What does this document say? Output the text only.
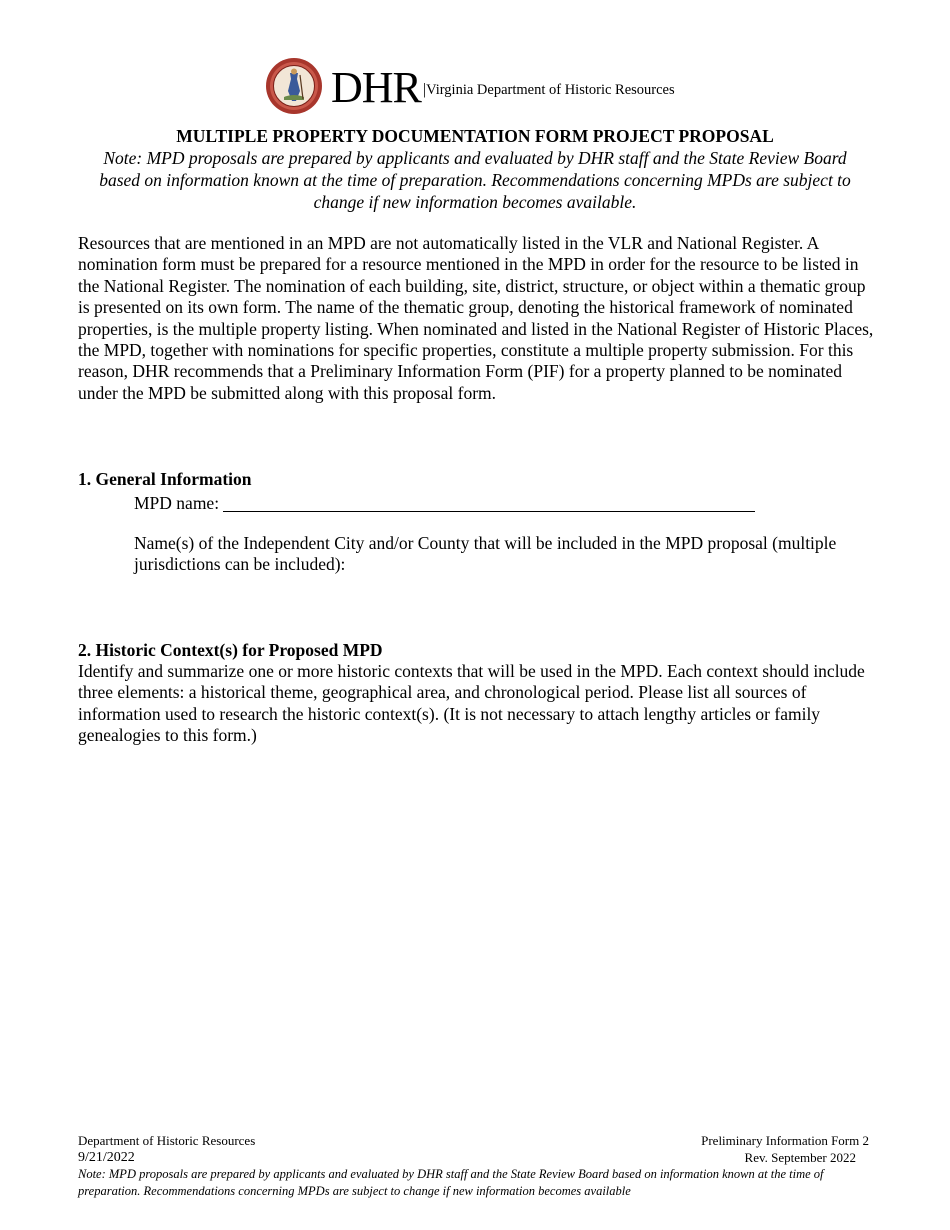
DHR | Virginia Department of Historic Resources
MULTIPLE PROPERTY DOCUMENTATION FORM PROJECT PROPOSAL
Note: MPD proposals are prepared by applicants and evaluated by DHR staff and the State Review Board based on information known at the time of preparation. Recommendations concerning MPDs are subject to change if new information becomes available.
Resources that are mentioned in an MPD are not automatically listed in the VLR and National Register. A nomination form must be prepared for a resource mentioned in the MPD in order for the resource to be listed in the National Register. The nomination of each building, site, district, structure, or object within a thematic group is presented on its own form. The name of the thematic group, denoting the historical framework of nominated properties, is the multiple property listing. When nominated and listed in the National Register of Historic Places, the MPD, together with nominations for specific properties, constitute a multiple property submission. For this reason, DHR recommends that a Preliminary Information Form (PIF) for a property planned to be nominated under the MPD be submitted along with this proposal form.
1. General Information
MPD name:
Name(s) of the Independent City and/or County that will be included in the MPD proposal (multiple jurisdictions can be included):
2. Historic Context(s) for Proposed MPD
Identify and summarize one or more historic contexts that will be used in the MPD. Each context should include three elements: a historical theme, geographical area, and chronological period. Please list all sources of information used to research the historic context(s). (It is not necessary to attach lengthy articles or family genealogies to this form.)
Department of Historic Resources	Preliminary Information Form 2
9/21/2022	Rev. September 2022
Note: MPD proposals are prepared by applicants and evaluated by DHR staff and the State Review Board based on information known at the time of preparation. Recommendations concerning MPDs are subject to change if new information becomes available
